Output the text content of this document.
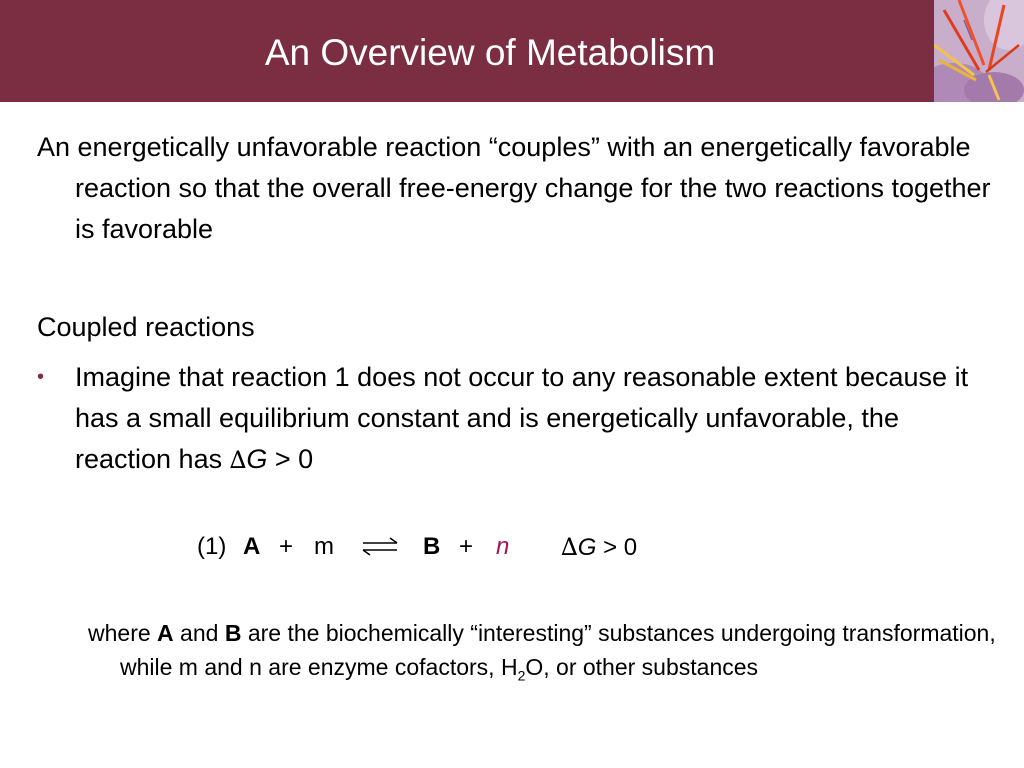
An Overview of Metabolism
An energetically unfavorable reaction “couples” with an energetically favorable reaction so that the overall free-energy change for the two reactions together is favorable
Coupled reactions
• Imagine that reaction 1 does not occur to any reasonable extent because it has a small equilibrium constant and is energetically unfavorable, the reaction has ∆G > 0
(1) A + m ⇌ B + n ∆G > 0
where A and B are the biochemically “interesting” substances undergoing transformation, while m and n are enzyme cofactors, $H_2O$, or other substances
